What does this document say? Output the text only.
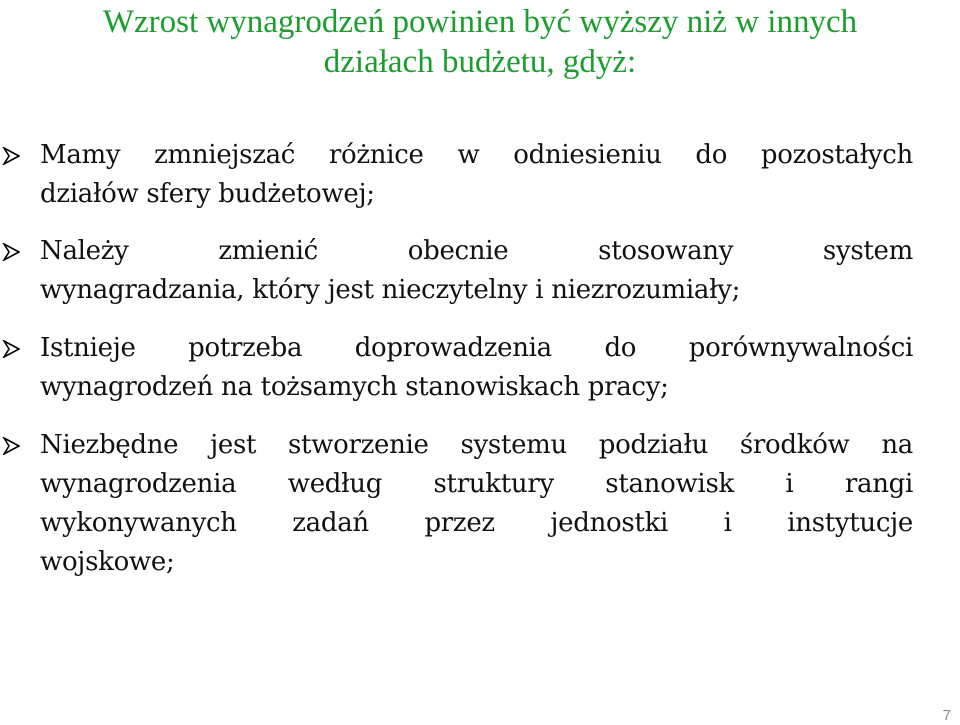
Wzrost wynagrodzeń powinien być wyższy niż w innych
działach budżetu, gdyż:
Mamy zmniejszać różnice w odniesieniu do pozostałych
działów sfery budżetowej;
Należy zmienić obecnie stosowany system
wynagradzania, który jest nieczytelny i niezrozumiały;
Istnieje potrzeba doprowadzenia do porównywalności
wynagrodzeń na tożsamych stanowiskach pracy;
Niezbędne jest stworzenie systemu podziału środków na
wynagrodzenia według struktury stanowisk i rangi
wykonywanych zadań przez jednostki i instytucje
wojskowe;
7
